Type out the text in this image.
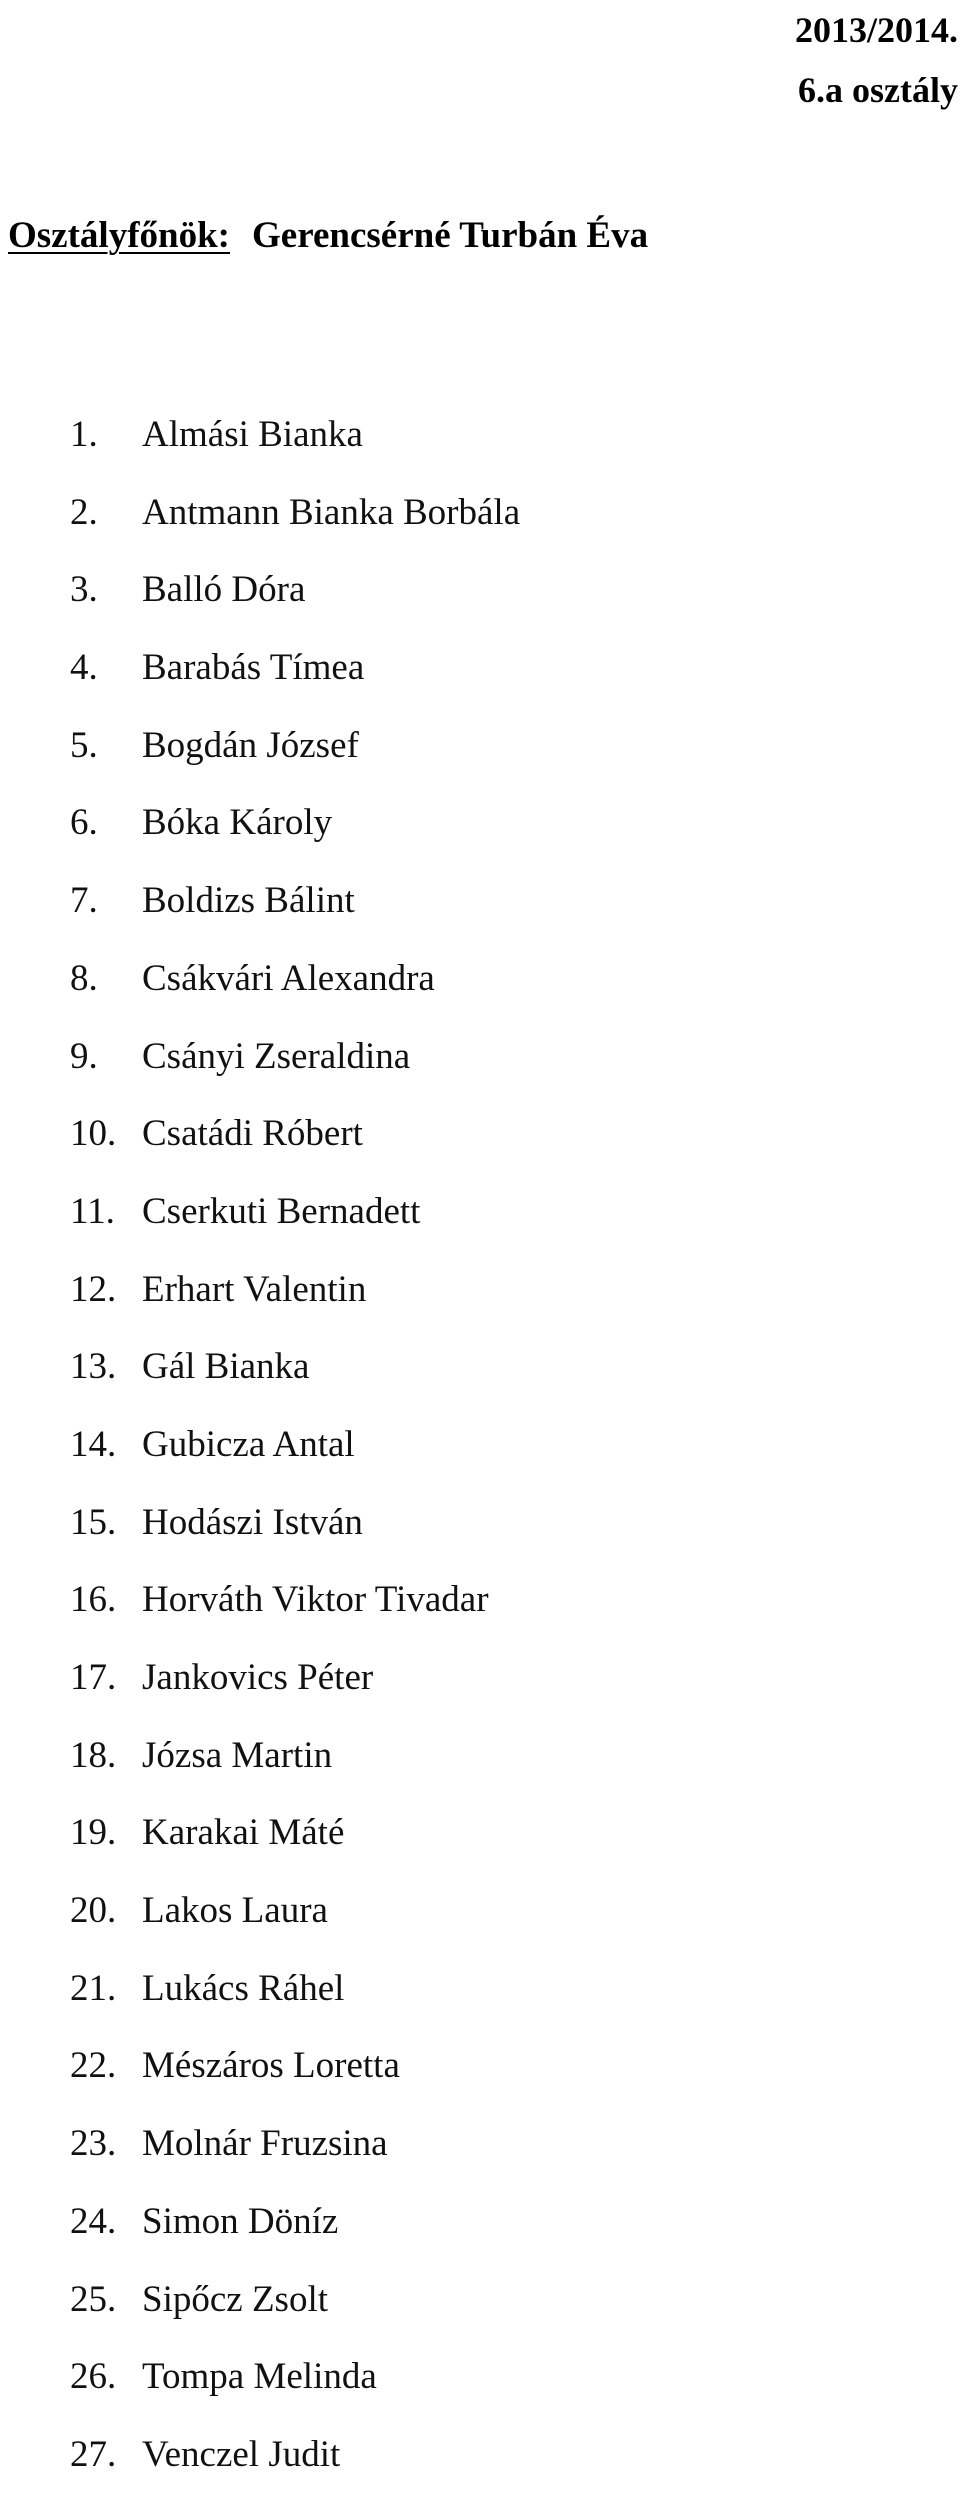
2013/2014.
6.a osztály
Osztályfőnök: Gerencsérné Turbán Éva
1.	Almási Bianka
2.	Antmann Bianka Borbála
3.	Balló Dóra
4.	Barabás Tímea
5.	Bogdán József
6.	Bóka Károly
7.	Boldizs Bálint
8.	Csákvári Alexandra
9.	Csányi Zseraldina
10. Csatádi Róbert
11. Cserkuti Bernadett
12. Erhart Valentin
13. Gál Bianka
14. Gubicza Antal
15. Hodászi István
16. Horváth Viktor Tivadar
17. Jankovics Péter
18. Józsa Martin
19. Karakai Máté
20. Lakos Laura
21. Lukács Ráhel
22. Mészáros Loretta
23. Molnár Fruzsina
24. Simon Döníz
25. Sipőcz Zsolt
26. Tompa Melinda
27. Venczel Judit
